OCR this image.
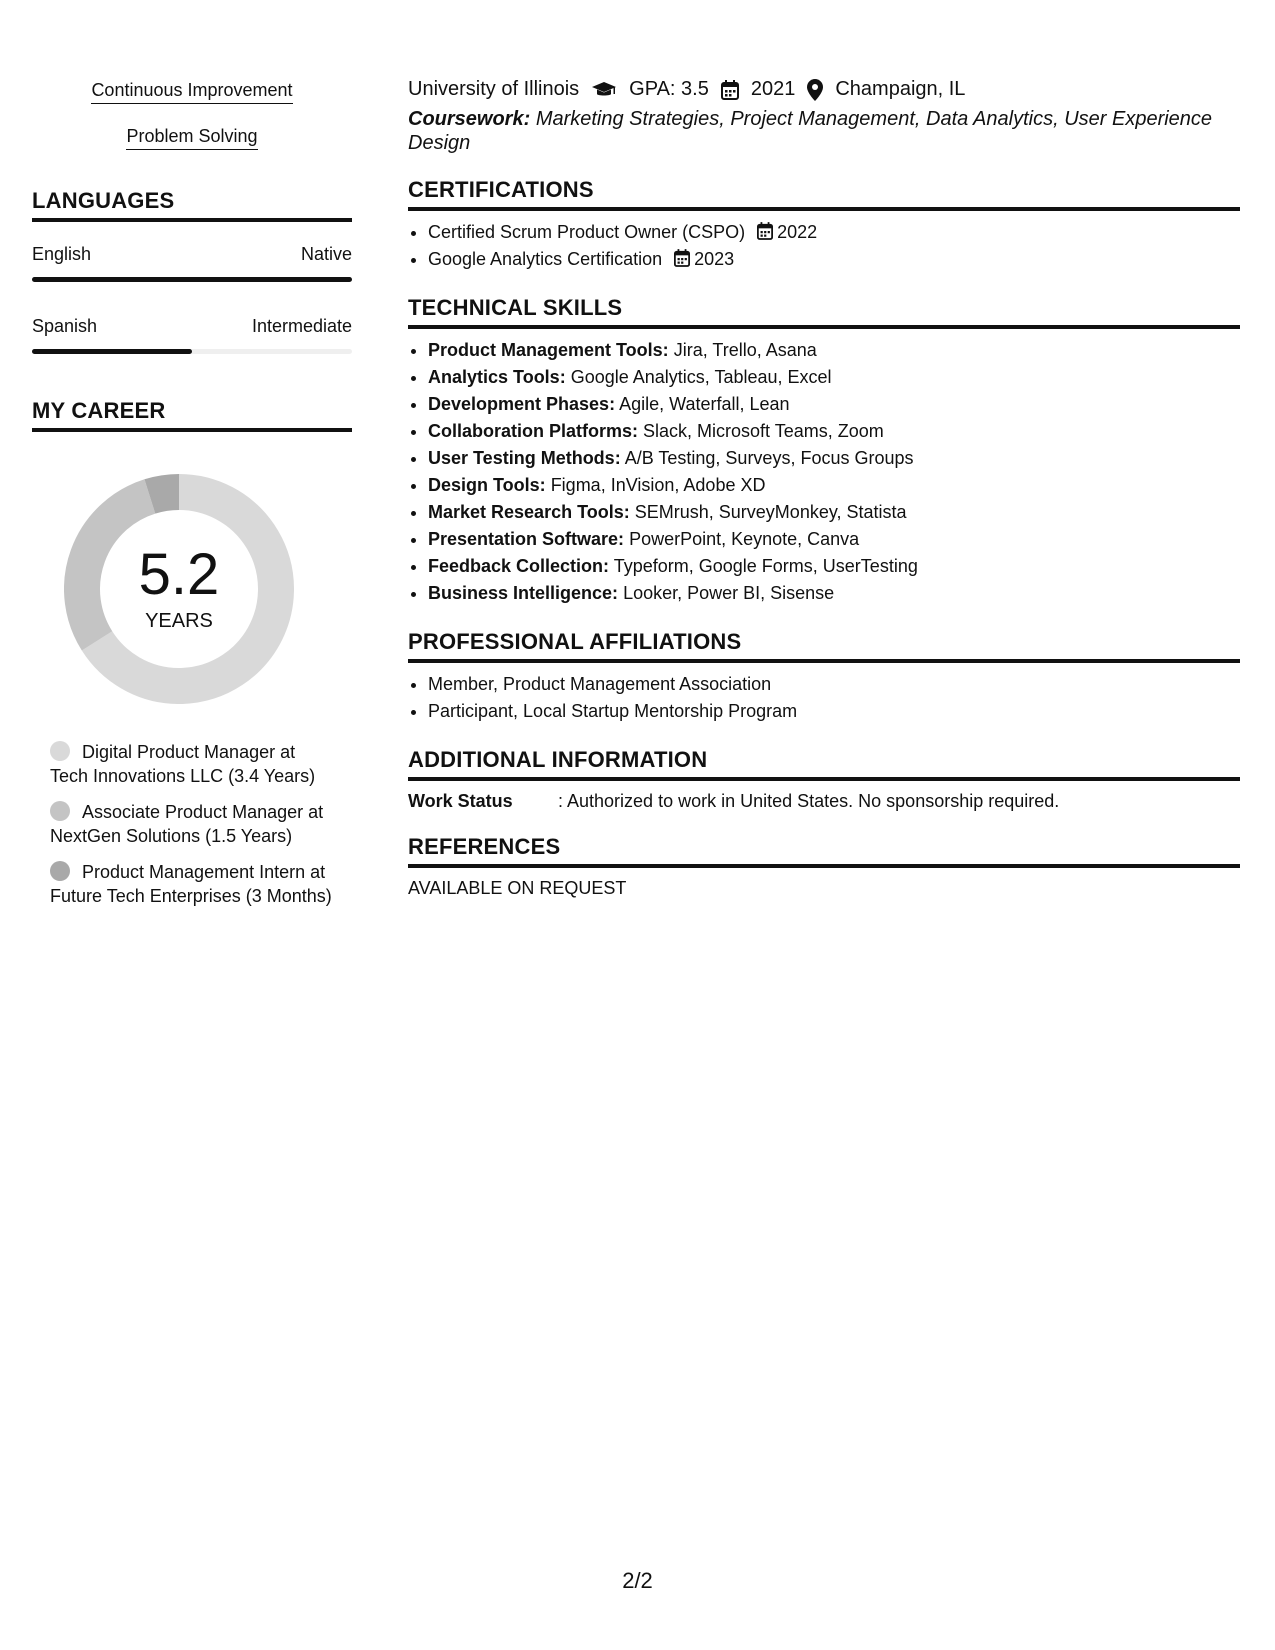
Continuous Improvement
Problem Solving
LANGUAGES
English	Native
Spanish	Intermediate
MY CAREER
5.2
YEARS
Digital Product Manager at Tech Innovations LLC (3.4 Years)
Associate Product Manager at NextGen Solutions (1.5 Years)
Product Management Intern at Future Tech Enterprises (3 Months)
University of Illinois	GPA: 3.5 2021 Champaign, IL
Coursework: Marketing Strategies, Project Management, Data Analytics, User Experience Design
CERTIFICATIONS
• Certified Scrum Product Owner (CSPO) 2022
• Google Analytics Certification 2023
TECHNICAL SKILLS
• Product Management Tools: Jira, Trello, Asana
• Analytics Tools: Google Analytics, Tableau, Excel
• Development Phases: Agile, Waterfall, Lean
• Collaboration Platforms: Slack, Microsoft Teams, Zoom
• User Testing Methods: A/B Testing, Surveys, Focus Groups
• Design Tools: Figma, InVision, Adobe XD
• Market Research Tools: SEMrush, SurveyMonkey, Statista
• Presentation Software: PowerPoint, Keynote, Canva
• Feedback Collection: Typeform, Google Forms, UserTesting
• Business Intelligence: Looker, Power BI, Sisense
PROFESSIONAL AFFILIATIONS
• Member, Product Management Association
• Participant, Local Startup Mentorship Program
ADDITIONAL INFORMATION
Work Status	: Authorized to work in United States. No sponsorship required.
REFERENCES
AVAILABLE ON REQUEST
2/2
